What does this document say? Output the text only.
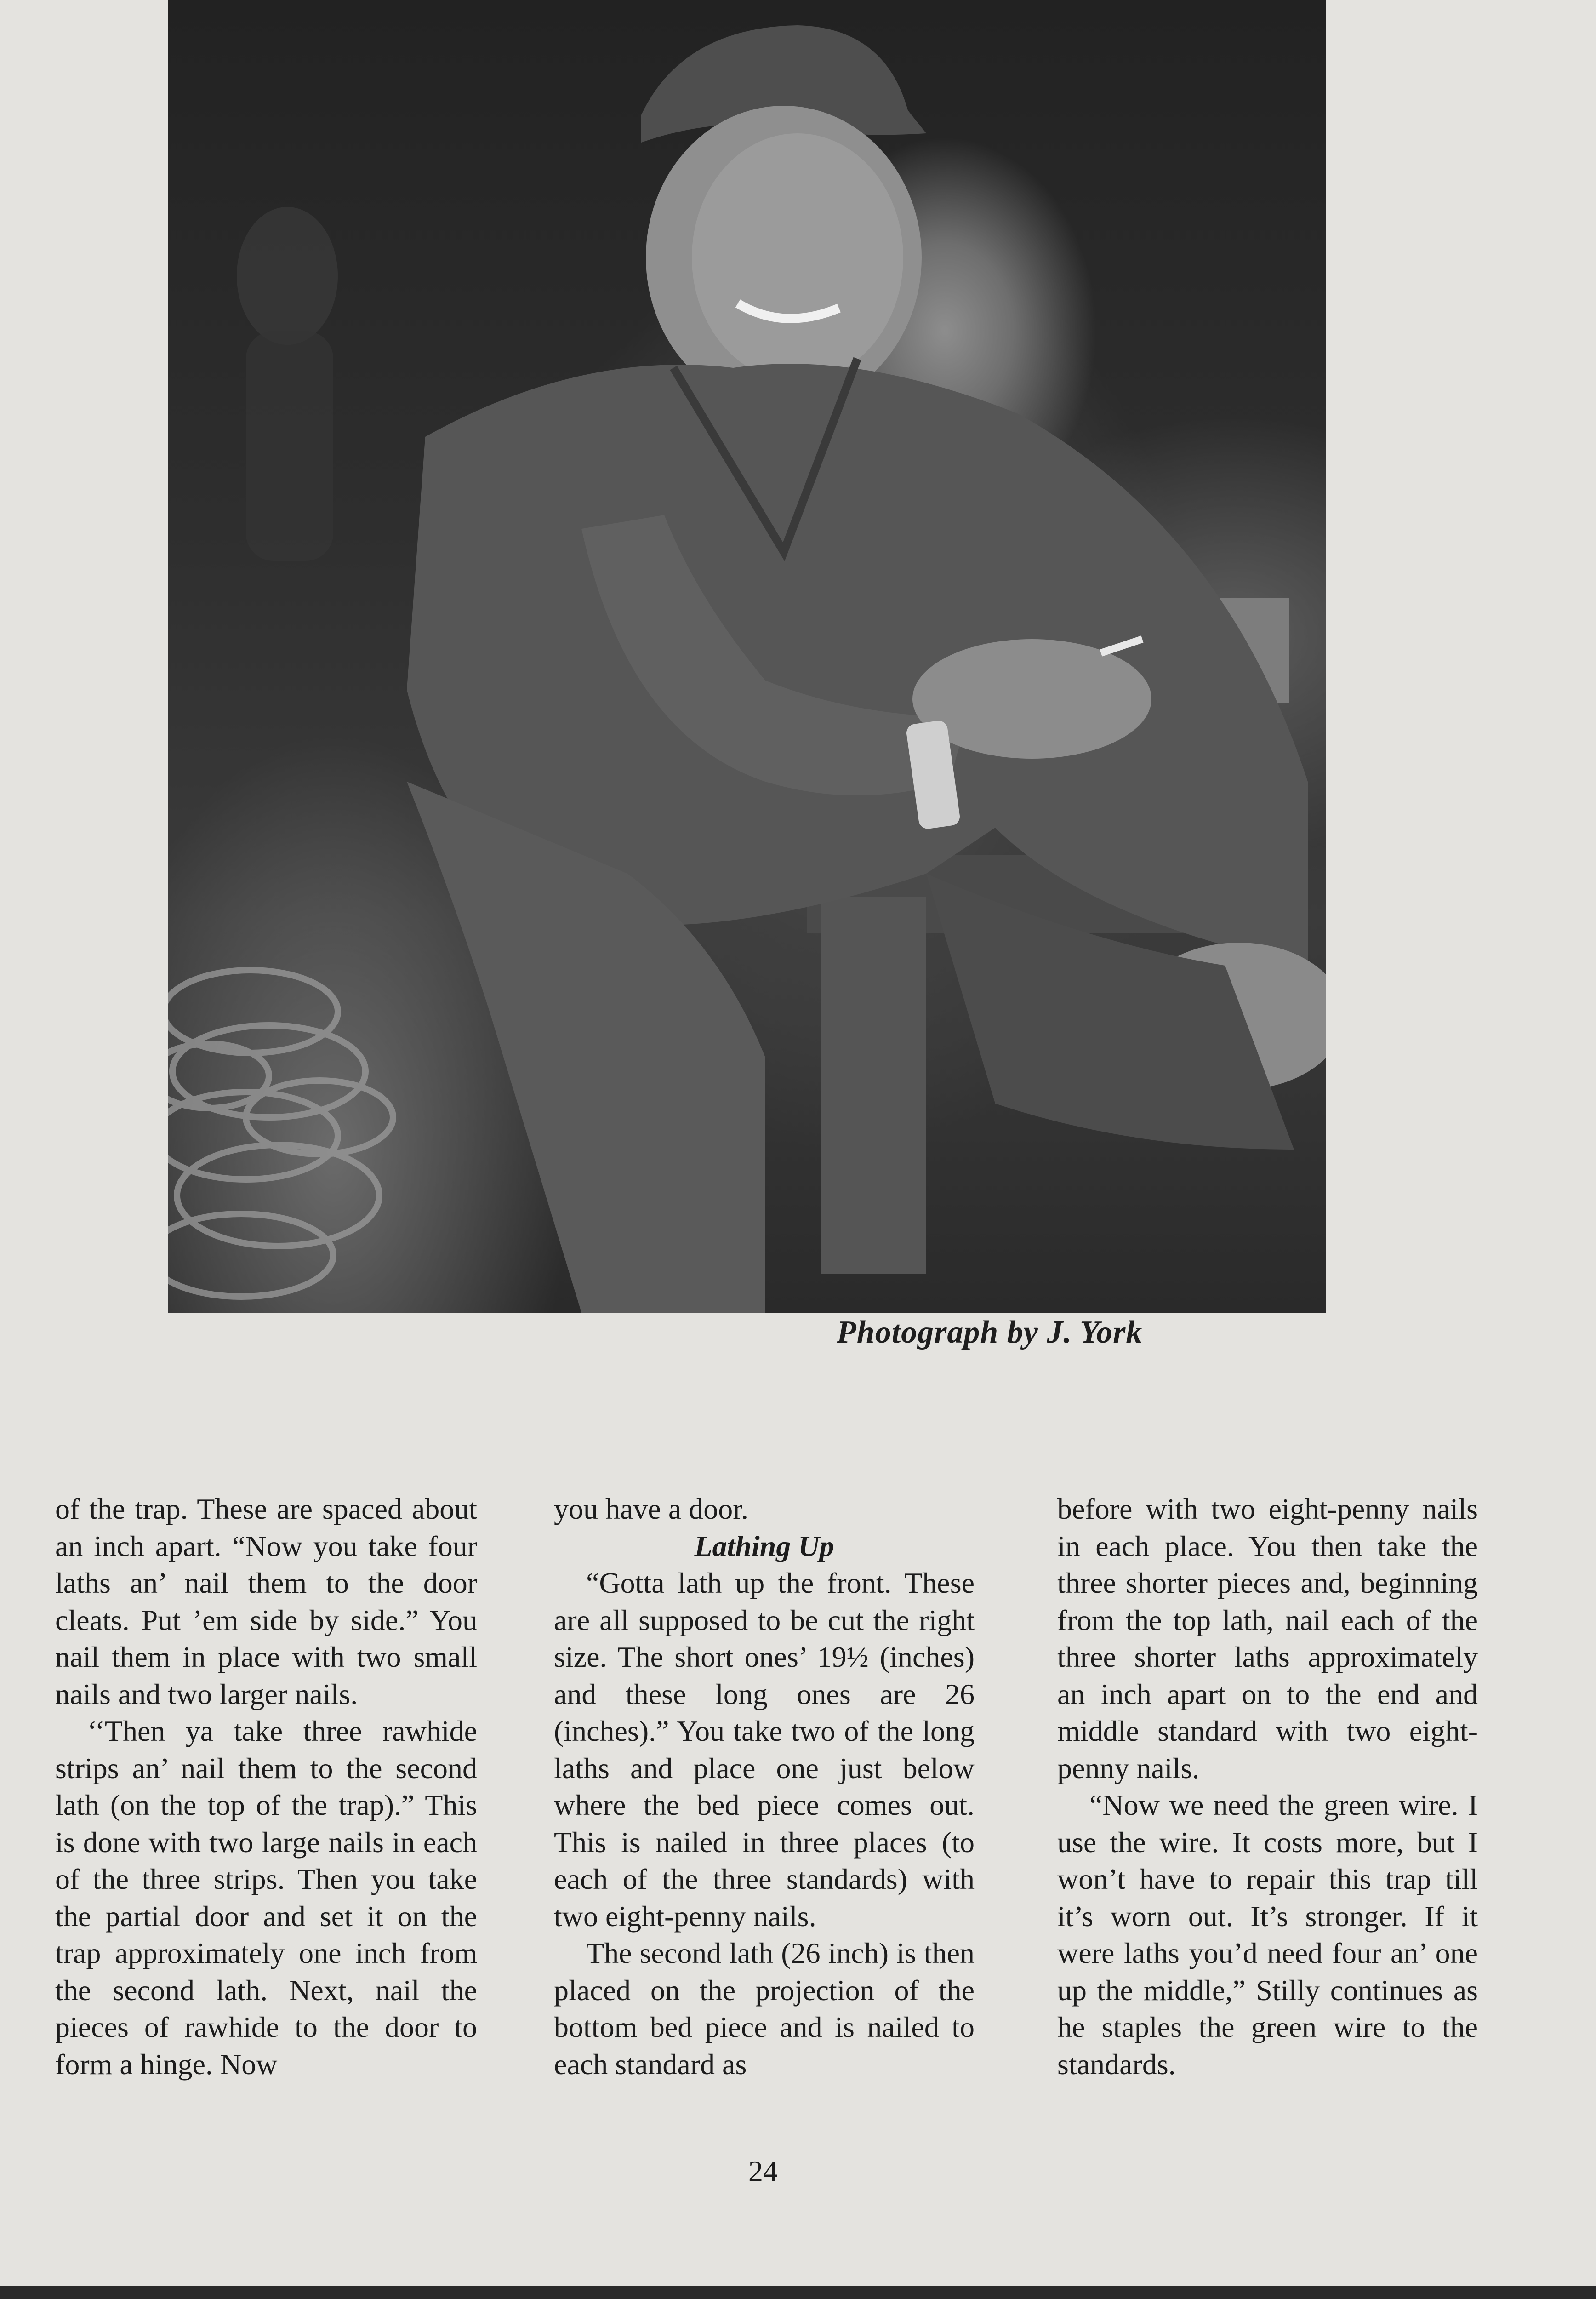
Photograph by J. York

of the trap. These are spaced about an inch apart. “Now you take four laths an’ nail them to the door cleats. Put ’em side by side.” You nail them in place with two small nails and two larger nails.

‘‘Then ya take three rawhide strips an’ nail them to the second lath (on the top of the trap).” This is done with two large nails in each of the three strips. Then you take the partial door and set it on the trap approximately one inch from the second lath. Next, nail the pieces of rawhide to the door to form a hinge. Now

you have a door.

Lathing Up

“Gotta lath up the front. These are all supposed to be cut the right size. The short ones’ 19½ (inches) and these long ones are 26 (inches).” You take two of the long laths and place one just below where the bed piece comes out. This is nailed in three places (to each of the three standards) with two eight-penny nails.

The second lath (26 inch) is then placed on the projection of the bottom bed piece and is nailed to each standard as

before with two eight-penny nails in each place. You then take the three shorter pieces and, beginning from the top lath, nail each of the three shorter laths approximately an inch apart on to the end and middle standard with two eight-penny nails.

“Now we need the green wire. I use the wire. It costs more, but I won’t have to repair this trap till it’s worn out. It’s stronger. If it were laths you’d need four an’ one up the middle,” Stilly continues as he staples the green wire to the standards.

24
